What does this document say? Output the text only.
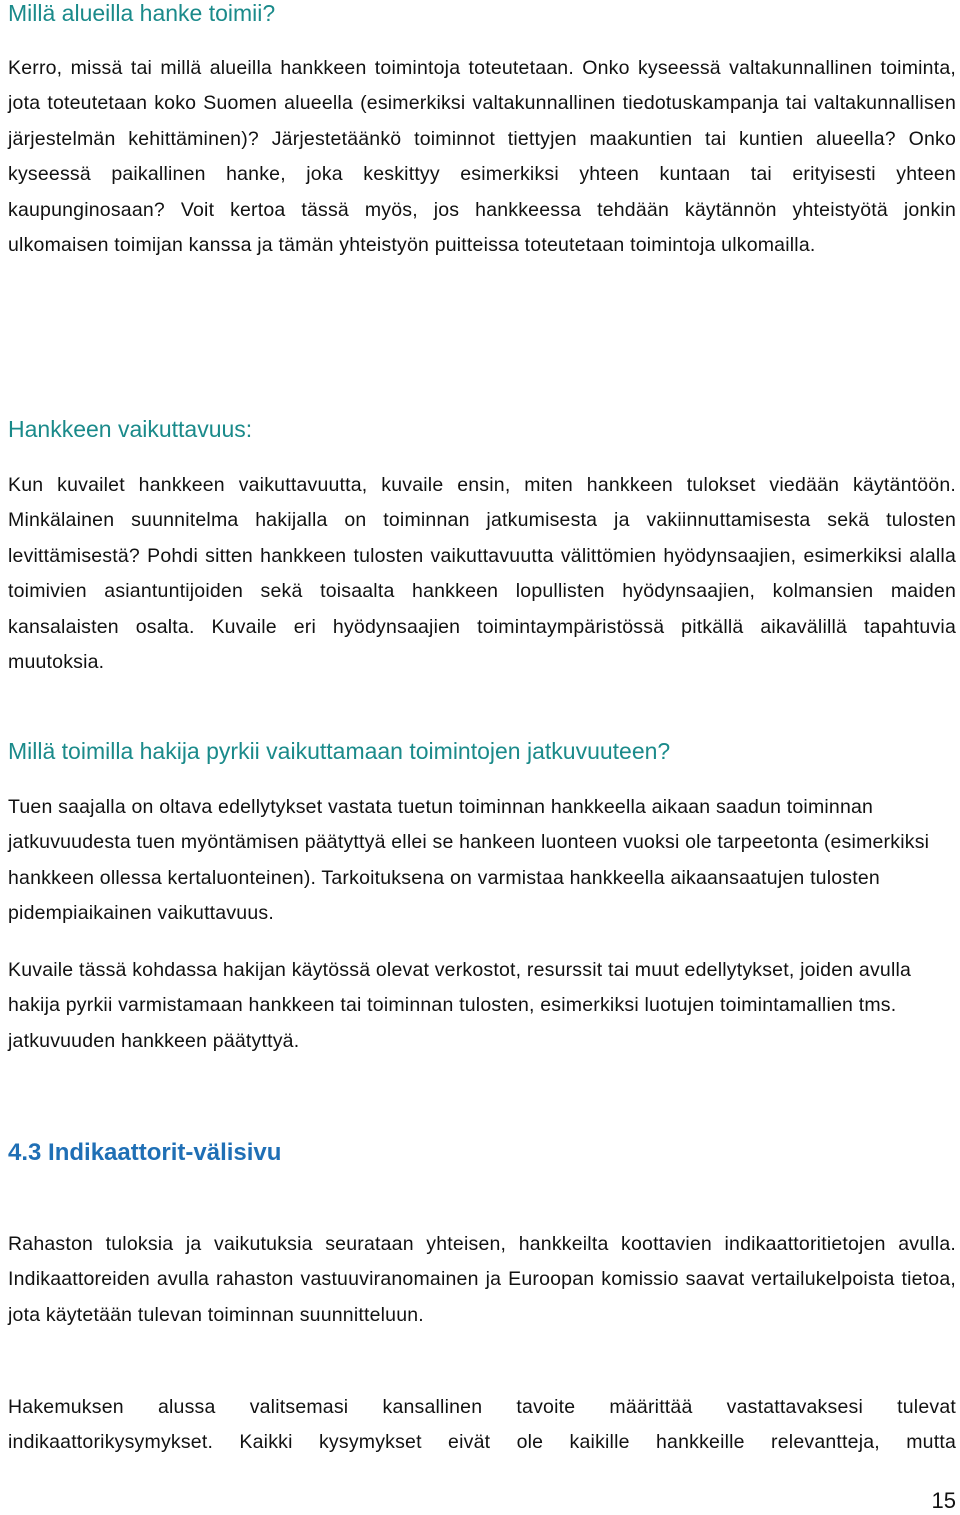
Millä alueilla hanke toimii?

Kerro, missä tai millä alueilla hankkeen toimintoja toteutetaan. Onko kyseessä valtakunnallinen toiminta, jota toteutetaan koko Suomen alueella (esimerkiksi valtakunnallinen tiedotuskampanja tai valtakunnallisen järjestelmän kehittäminen)? Järjestetäänkö toiminnot tiettyjen maakuntien tai kuntien alueella? Onko kyseessä paikallinen hanke, joka keskittyy esimerkiksi yhteen kuntaan tai erityisesti yhteen kaupunginosaan? Voit kertoa tässä myös, jos hankkeessa tehdään käytännön yhteistyötä jonkin ulkomaisen toimijan kanssa ja tämän yhteistyön puitteissa toteutetaan toimintoja ulkomailla.

Hankkeen vaikuttavuus:

Kun kuvailet hankkeen vaikuttavuutta, kuvaile ensin, miten hankkeen tulokset viedään käytäntöön. Minkälainen suunnitelma hakijalla on toiminnan jatkumisesta ja vakiinnuttamisesta sekä tulosten levittämisestä? Pohdi sitten hankkeen tulosten vaikuttavuutta välittömien hyödynsaajien, esimerkiksi alalla toimivien asiantuntijoiden sekä toisaalta hankkeen lopullisten hyödynsaajien, kolmansien maiden kansalaisten osalta. Kuvaile eri hyödynsaajien toimintaympäristössä pitkällä aikavälillä tapahtuvia muutoksia.

Millä toimilla hakija pyrkii vaikuttamaan toimintojen jatkuvuuteen?

Tuen saajalla on oltava edellytykset vastata tuetun toiminnan hankkeella aikaan saadun toiminnan jatkuvuudesta tuen myöntämisen päätyttyä ellei se hankeen luonteen vuoksi ole tarpeetonta (esimerkiksi hankkeen ollessa kertaluonteinen). Tarkoituksena on varmistaa hankkeella aikaansaatujen tulosten pidempiaikainen vaikuttavuus.

Kuvaile tässä kohdassa hakijan käytössä olevat verkostot, resurssit tai muut edellytykset, joiden avulla hakija pyrkii varmistamaan hankkeen tai toiminnan tulosten, esimerkiksi luotujen toimintamallien tms. jatkuvuuden hankkeen päätyttyä.

4.3 Indikaattorit-välisivu

Rahaston tuloksia ja vaikutuksia seurataan yhteisen, hankkeilta koottavien indikaattoritietojen avulla. Indikaattoreiden avulla rahaston vastuuviranomainen ja Euroopan komissio saavat vertailukelpoista tietoa, jota käytetään tulevan toiminnan suunnitteluun.

Hakemuksen alussa valitsemasi kansallinen tavoite määrittää vastattavaksesi tulevat indikaattorikysymykset. Kaikki kysymykset eivät ole kaikille hankkeille relevantteja, mutta

15
